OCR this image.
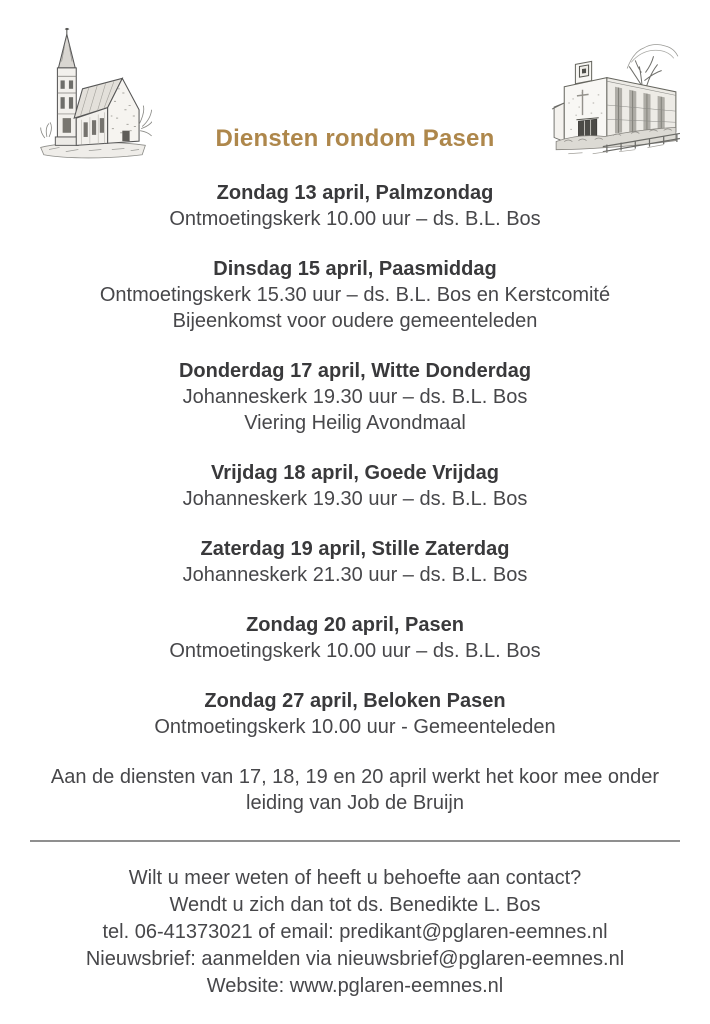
Diensten rondom Pasen
Zondag 13 april, Palmzondag
Ontmoetingskerk 10.00 uur – ds. B.L. Bos
Dinsdag 15 april, Paasmiddag
Ontmoetingskerk 15.30 uur – ds. B.L. Bos en Kerstcomité
Bijeenkomst voor oudere gemeenteleden
Donderdag 17 april, Witte Donderdag
Johanneskerk 19.30 uur – ds. B.L. Bos
Viering Heilig Avondmaal
Vrijdag 18 april, Goede Vrijdag
Johanneskerk 19.30 uur – ds. B.L. Bos
Zaterdag 19 april, Stille Zaterdag
Johanneskerk 21.30 uur – ds. B.L. Bos
Zondag 20 april, Pasen
Ontmoetingskerk 10.00 uur – ds. B.L. Bos
Zondag 27 april, Beloken Pasen
Ontmoetingskerk 10.00 uur - Gemeenteleden
Aan de diensten van 17, 18, 19 en 20 april werkt het koor mee onder
leiding van Job de Bruijn
Wilt u meer weten of heeft u behoefte aan contact?
Wendt u zich dan tot ds. Benedikte L. Bos
tel. 06-41373021 of email: predikant@pglaren-eemnes.nl
Nieuwsbrief: aanmelden via nieuwsbrief@pglaren-eemnes.nl
Website: www.pglaren-eemnes.nl
